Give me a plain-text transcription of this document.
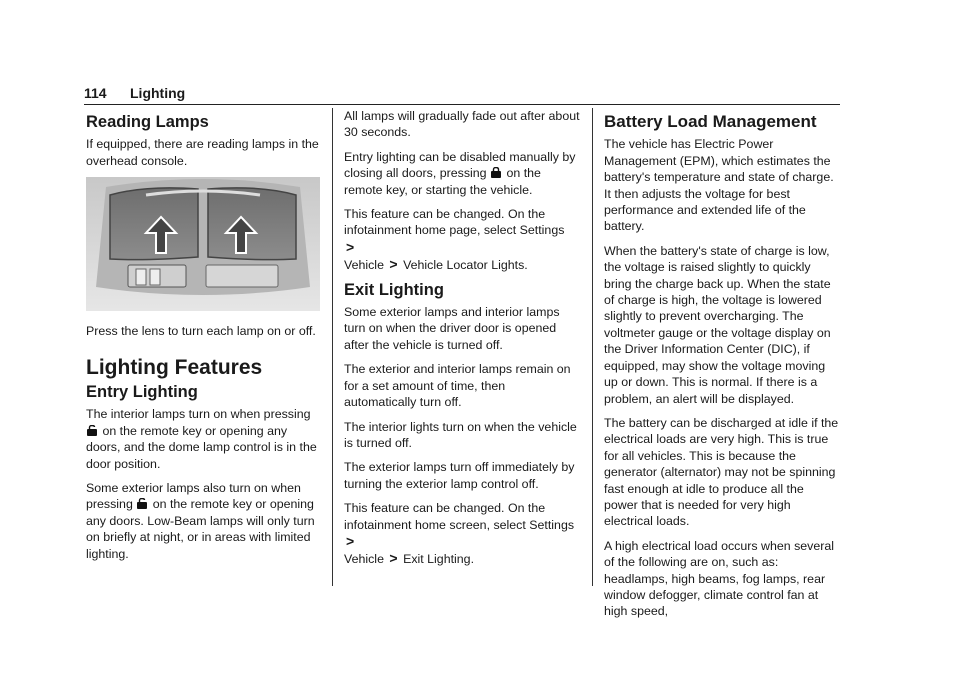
114 Lighting
Reading Lamps

If equipped, there are reading lamps in the overhead console.

Press the lens to turn each lamp on or off.

Lighting Features
Entry Lighting

The interior lamps turn on when pressing  on the remote key or opening any doors, and the dome lamp control is in the door position.

Some exterior lamps also turn on when pressing on the remote key or opening any doors. Low-Beam lamps will only turn on briefly at night, or in areas with limited lighting.

All lamps will gradually fade out after about 30 seconds.

Entry lighting can be disabled manually by closing all doors, pressing on the remote key, or starting the vehicle.

This feature can be changed. On the infotainment home page, select Settings >
Vehicle > Vehicle Locator Lights.

Exit Lighting

Some exterior lamps and interior lamps turn on when the driver door is opened after the vehicle is turned off.

The exterior and interior lamps remain on for a set amount of time, then automatically turn off.

The interior lights turn on when the vehicle is turned off.

The exterior lamps turn off immediately by turning the exterior lamp control off.

This feature can be changed. On the infotainment home screen, select Settings >
Vehicle > Exit Lighting.

Battery Load Management

The vehicle has Electric Power Management (EPM), which estimates the battery's temperature and state of charge. It then adjusts the voltage for best performance and extended life of the battery.

When the battery's state of charge is low, the voltage is raised slightly to quickly bring the charge back up. When the state of charge is high, the voltage is lowered slightly to prevent overcharging. The voltmeter gauge or the voltage display on the Driver Information Center (DIC), if equipped, may show the voltage moving up or down. This is normal. If there is a problem, an alert will be displayed.

The battery can be discharged at idle if the electrical loads are very high. This is true for all vehicles. This is because the generator (alternator) may not be spinning fast enough at idle to produce all the power that is needed for very high electrical loads.

A high electrical load occurs when several of the following are on, such as: headlamps, high beams, fog lamps, rear window defogger, climate control fan at high speed,
